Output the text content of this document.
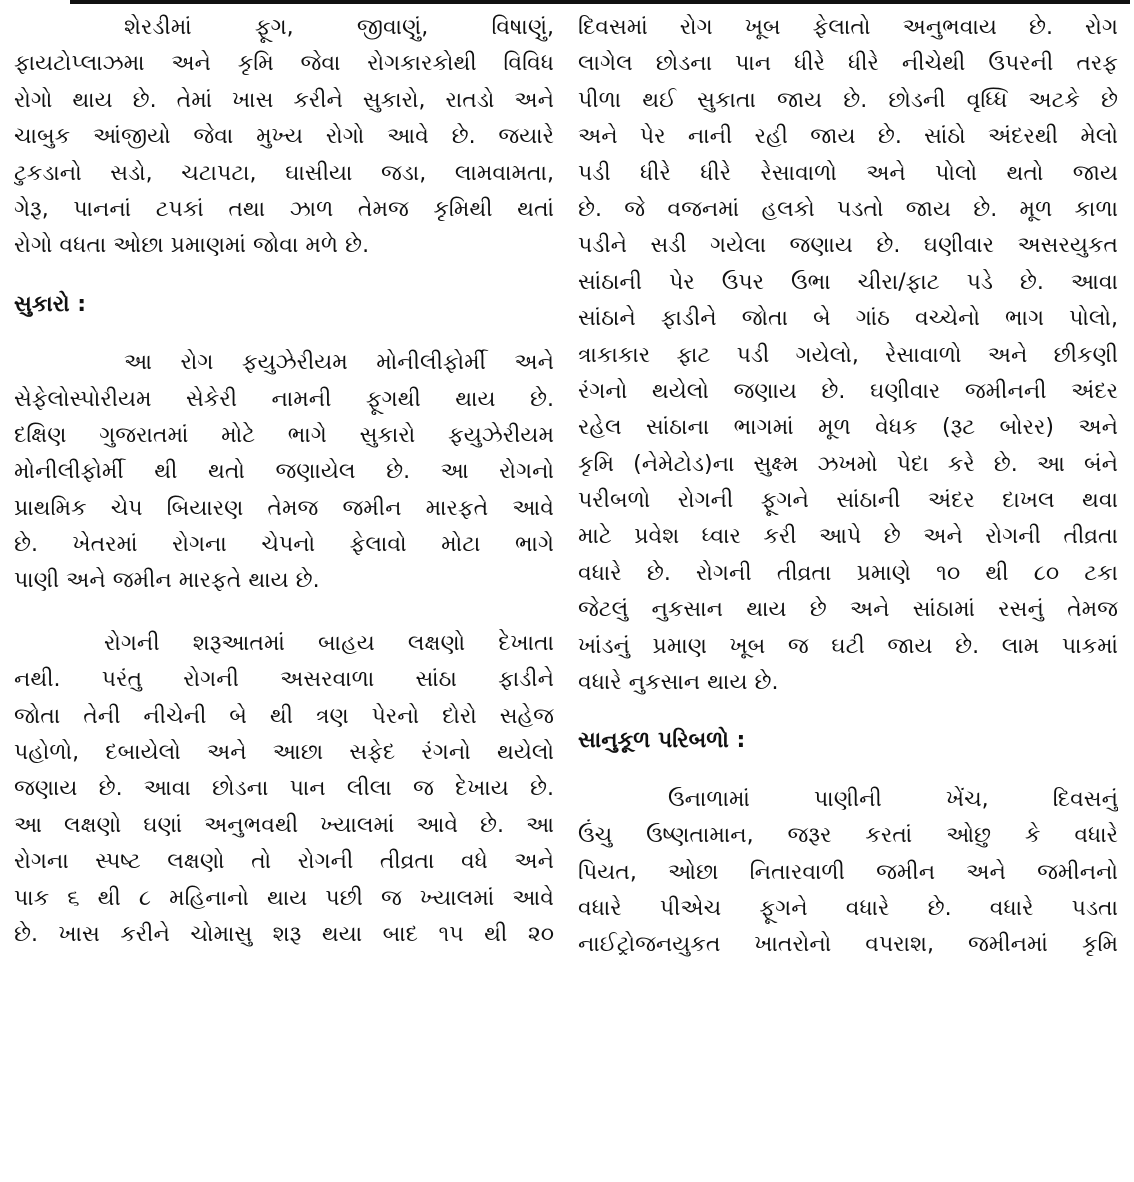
શેરડીમાં ફૂગ, જીવાણું, વિષાણું,
ફાયટોપ્લાઝમા અને કૃમિ જેવા રોગકારકોથી વિવિધ
રોગો થાય છે. તેમાં ખાસ કરીને સુકારો, રાતડો અને
ચાબુક આંજીયો જેવા મુખ્ય રોગો આવે છે. જયારે
ટુકડાનો સડો, ચટાપટા, ઘાસીયા જડા, લામવામતા,
ગેરૂ, પાનનાં ટપકાં તથા ઝાળ તેમજ કૃમિથી થતાં
રોગો વધતા ઓછા પ્રમાણમાં જોવા મળે છે.
સુકારો :
આ રોગ ફયુઝેરીયમ મોનીલીફોર્મી અને
સેફેલોસ્પોરીયમ સેકેરી નામની ફૂગથી થાય છે.
દક્ષિણ ગુજરાતમાં મોટે ભાગે સુકારો ફયુઝેરીયમ
મોનીલીફોર્મી થી થતો જણાયેલ છે. આ રોગનો
પ્રાથમિક ચેપ બિયારણ તેમજ જમીન મારફતે આવે
છે. ખેતરમાં રોગના ચેપનો ફેલાવો મોટા ભાગે
પાણી અને જમીન મારફતે થાય છે.
રોગની શરૂઆતમાં બાહય લક્ષણો દેખાતા
નથી. પરંતુ રોગની અસરવાળા સાંઠા ફાડીને
જોતા તેની નીચેની બે થી ત્રણ પેરનો દોરો સહેજ
પહોળો, દબાયેલો અને આછા સફેદ રંગનો થયેલો
જણાય છે. આવા છોડના પાન લીલા જ દેખાય છે.
આ લક્ષણો ઘણાં અનુભવથી ખ્યાલમાં આવે છે. આ
રોગના સ્પષ્ટ લક્ષણો તો રોગની તીવ્રતા વધે અને
પાક ૬ થી ૮ મહિનાનો થાય પછી જ ખ્યાલમાં આવે
છે. ખાસ કરીને ચોમાસુ શરૂ થયા બાદ ૧૫ થી ૨૦
દિવસમાં રોગ ખૂબ ફેલાતો અનુભવાય છે. રોગ
લાગેલ છોડના પાન ધીરે ધીરે નીચેથી ઉપરની તરફ
પીળા થઈ સુકાતા જાય છે. છોડની વૃધ્ધિ અટકે છે
અને પેર નાની રહી જાય છે. સાંઠો અંદરથી મેલો
પડી ધીરે ધીરે રેસાવાળો અને પોલો થતો જાય
છે. જે વજનમાં હલકો પડતો જાય છે. મૂળ કાળા
પડીને સડી ગયેલા જણાય છે. ઘણીવાર અસરયુકત
સાંઠાની પેર ઉપર ઉભા ચીરા/ફાટ પડે છે. આવા
સાંઠાને ફાડીને જોતા બે ગાંઠ વચ્ચેનો ભાગ પોલો,
ત્રાકાકાર ફાટ પડી ગયેલો, રેસાવાળો અને છીકણી
રંગનો થયેલો જણાય છે. ઘણીવાર જમીનની અંદર
રહેલ સાંઠાના ભાગમાં મૂળ વેધક (રૂટ બોરર) અને
કૃમિ (નેમેટોડ)ના સુક્ષ્મ ઝખમો પેદા કરે છે. આ બંને
પરીબળો રોગની ફૂગને સાંઠાની અંદર દાખલ થવા
માટે પ્રવેશ ધ્વાર કરી આપે છે અને રોગની તીવ્રતા
વધારે છે. રોગની તીવ્રતા પ્રમાણે ૧૦ થી ૮૦ ટકા
જેટલું નુકસાન થાય છે અને સાંઠામાં રસનું તેમજ
ખાંડનું પ્રમાણ ખૂબ જ ઘટી જાય છે. લામ પાકમાં
વધારે નુકસાન થાય છે.
સાનુકૂળ પરિબળો :
ઉનાળામાં પાણીની ખેંચ, દિવસનું
ઉંચુ ઉષ્ણતામાન, જરૂર કરતાં ઓછુ કે વધારે
પિયત, ઓછા નિતારવાળી જમીન અને જમીનનો
વધારે પીએચ ફૂગને વધારે છે. વધારે પડતા
નાઈટ્રોજનયુકત ખાતરોનો વપરાશ, જમીનમાં કૃમિ
